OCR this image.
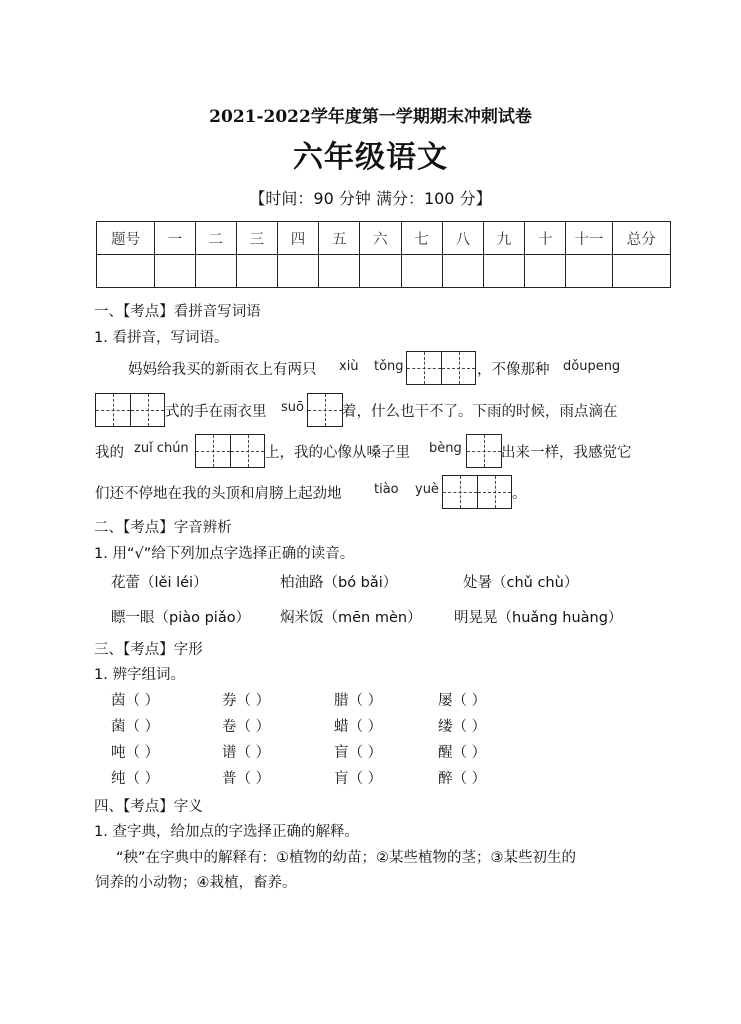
2021-2022学年度第一学期期末冲刺试卷
六年级语文
【时间：90 分钟 满分：100 分】
题号	一	二	三	四	五	六	七	八	九	十	十一	总分

一、【考点】看拼音写词语
1. 看拼音，写词语。
妈妈给我买的新雨衣上有两只 xiù tǒng	，不像那种 dǒupeng
式的手在雨衣里 suō	着，什么也干不了。下雨的时候，雨点滴在
我的 zuǐ chún	上，我的心像从嗓子里 bèng	出来一样，我感觉它
们还不停地在我的头顶和肩膀上起劲地	tiào yuè	。
二、【考点】字音辨析
1. 用“√”给下列加点字选择正确的读音。
花蕾（lěi léi）	柏油路（bó bǎi）	处暑（chǔ chù）
瞟一眼（piào piǎo） 焖米饭（mēn mèn） 明晃晃（huǎng huàng）
三、【考点】字形
1. 辨字组词。
茵（ ）	券（ ）	腊（ ）	屡（ ）
菌（ ）	卷（ ）	蜡（ ）	缕（ ）
吨（ ）	谱（ ）	盲（ ）	醒（ ）
纯（ ）	普（ ）	肓（ ）	醉（ ）
四、【考点】字义
1. 查字典，给加点的字选择正确的解释。
“秧”在字典中的解释有：①植物的幼苗；②某些植物的茎；③某些初生的
饲养的小动物；④栽植，畜养。
